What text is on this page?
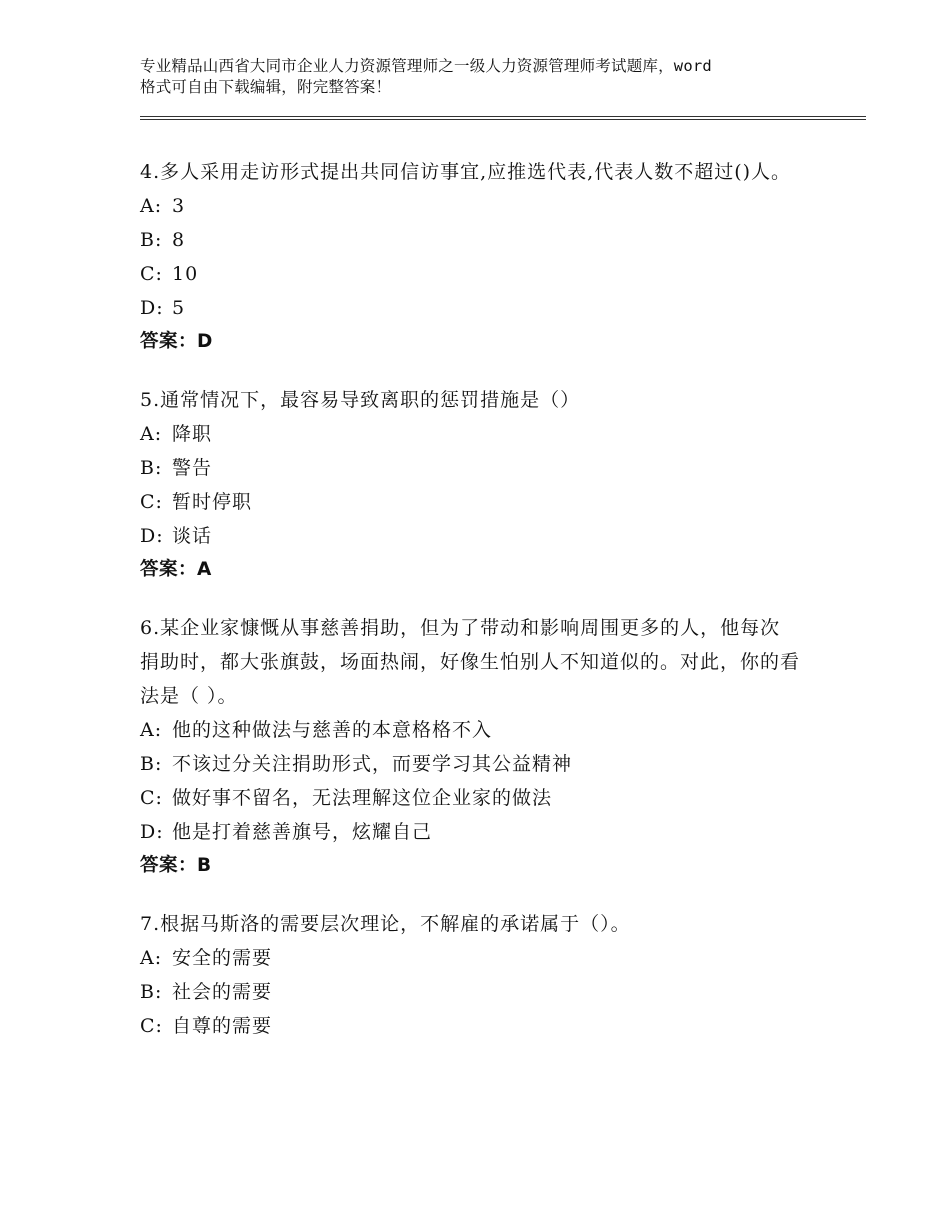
专业精品山西省大同市企业人力资源管理师之一级人力资源管理师考试题库，word
格式可自由下载编辑，附完整答案！
4.多人采用走访形式提出共同信访事宜,应推选代表,代表人数不超过()人。
A: 3
B: 8
C: 10
D: 5
答案：D
5.通常情况下，最容易导致离职的惩罚措施是（）
A: 降职
B: 警告
C: 暂时停职
D: 谈话
答案：A
6.某企业家慷慨从事慈善捐助，但为了带动和影响周围更多的人，他每次捐助时，都大张旗鼓，场面热闹，好像生怕别人不知道似的。对此，你的看法是（ ）。
A: 他的这种做法与慈善的本意格格不入
B: 不该过分关注捐助形式，而要学习其公益精神
C: 做好事不留名，无法理解这位企业家的做法
D: 他是打着慈善旗号，炫耀自己
答案：B
7.根据马斯洛的需要层次理论，不解雇的承诺属于（）。
A: 安全的需要
B: 社会的需要
C: 自尊的需要
